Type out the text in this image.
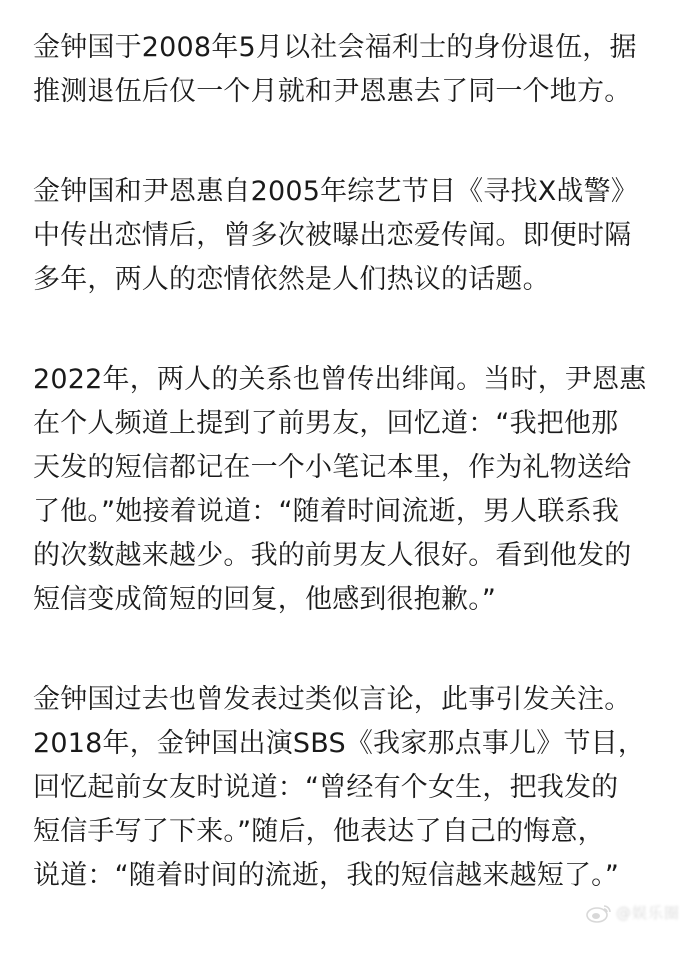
金钟国于2008年5月以社会福利士的身份退伍，据
推测退伍后仅一个月就和尹恩惠去了同一个地方。
金钟国和尹恩惠自2005年综艺节目《寻找X战警》
中传出恋情后，曾多次被曝出恋爱传闻。即便时隔
多年，两人的恋情依然是人们热议的话题。
2022年，两人的关系也曾传出绯闻。当时，尹恩惠
在个人频道上提到了前男友，回忆道：“我把他那
天发的短信都记在一个小笔记本里，作为礼物送给
了他。”她接着说道：“随着时间流逝，男人联系我
的次数越来越少。我的前男友人很好。看到他发的
短信变成简短的回复，他感到很抱歉。”
金钟国过去也曾发表过类似言论，此事引发关注。
2018年，金钟国出演SBS《我家那点事儿》节目，
回忆起前女友时说道：“曾经有个女生，把我发的
短信手写了下来。”随后，他表达了自己的悔意，
说道：“随着时间的流逝，我的短信越来越短了。”
@娱乐圈
